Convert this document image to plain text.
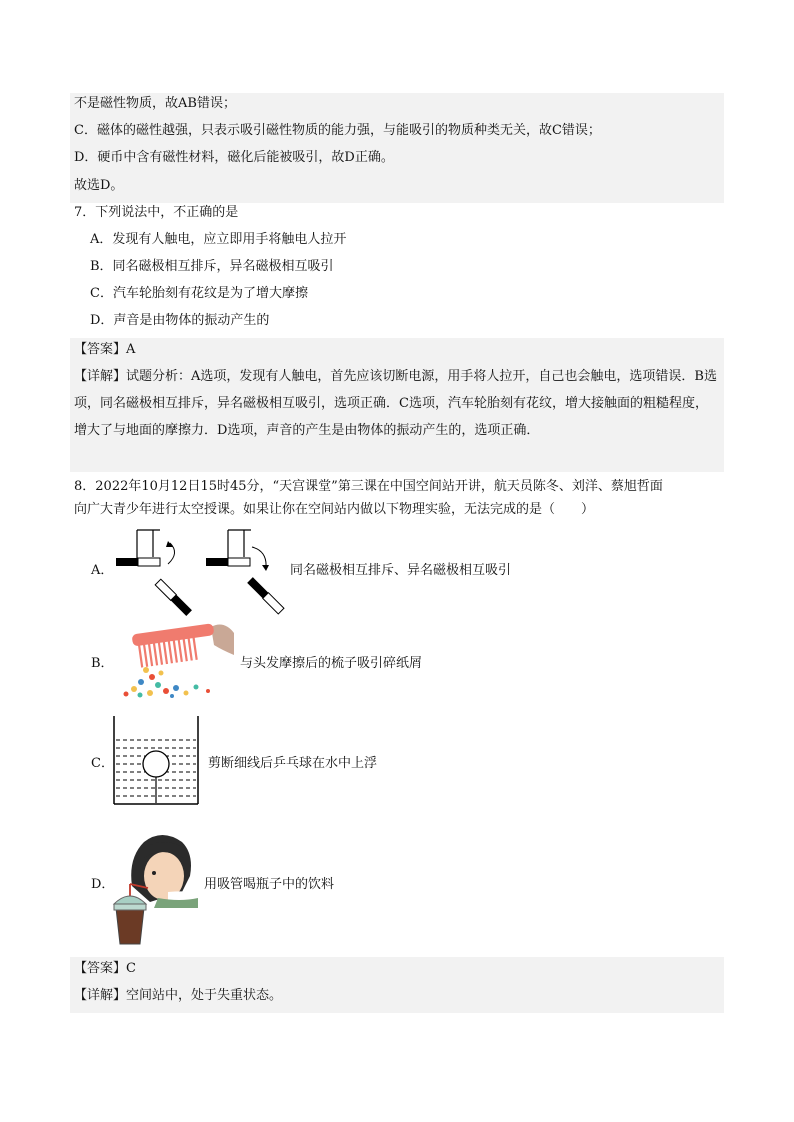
不是磁性物质，故AB错误；
C．磁体的磁性越强，只表示吸引磁性物质的能力强，与能吸引的物质种类无关，故C错误；
D．硬币中含有磁性材料，磁化后能被吸引，故D正确。
故选D。
7．下列说法中，不正确的是
A．发现有人触电，应立即用手将触电人拉开
B．同名磁极相互排斥，异名磁极相互吸引
C．汽车轮胎刻有花纹是为了增大摩擦
D．声音是由物体的振动产生的
【答案】A
【详解】试题分析：A选项，发现有人触电，首先应该切断电源，用手将人拉开，自己也会触电，选项错误．B选项，同名磁极相互排斥，异名磁极相互吸引，选项正确．C选项，汽车轮胎刻有花纹，增大接触面的粗糙程度，增大了与地面的摩擦力．D选项，声音的产生是由物体的振动产生的，选项正确．
8．2022年10月12日15时45分，“天宫课堂”第三课在中国空间站开讲，航天员陈冬、刘洋、蔡旭哲面
向广大青少年进行太空授课。如果让你在空间站内做以下物理实验，无法完成的是（　　）
A．	同名磁极相互排斥、异名磁极相互吸引
B．	与头发摩擦后的梳子吸引碎纸屑
C．	剪断细线后乒乓球在水中上浮
D．	用吸管喝瓶子中的饮料
【答案】C
【详解】空间站中，处于失重状态。
